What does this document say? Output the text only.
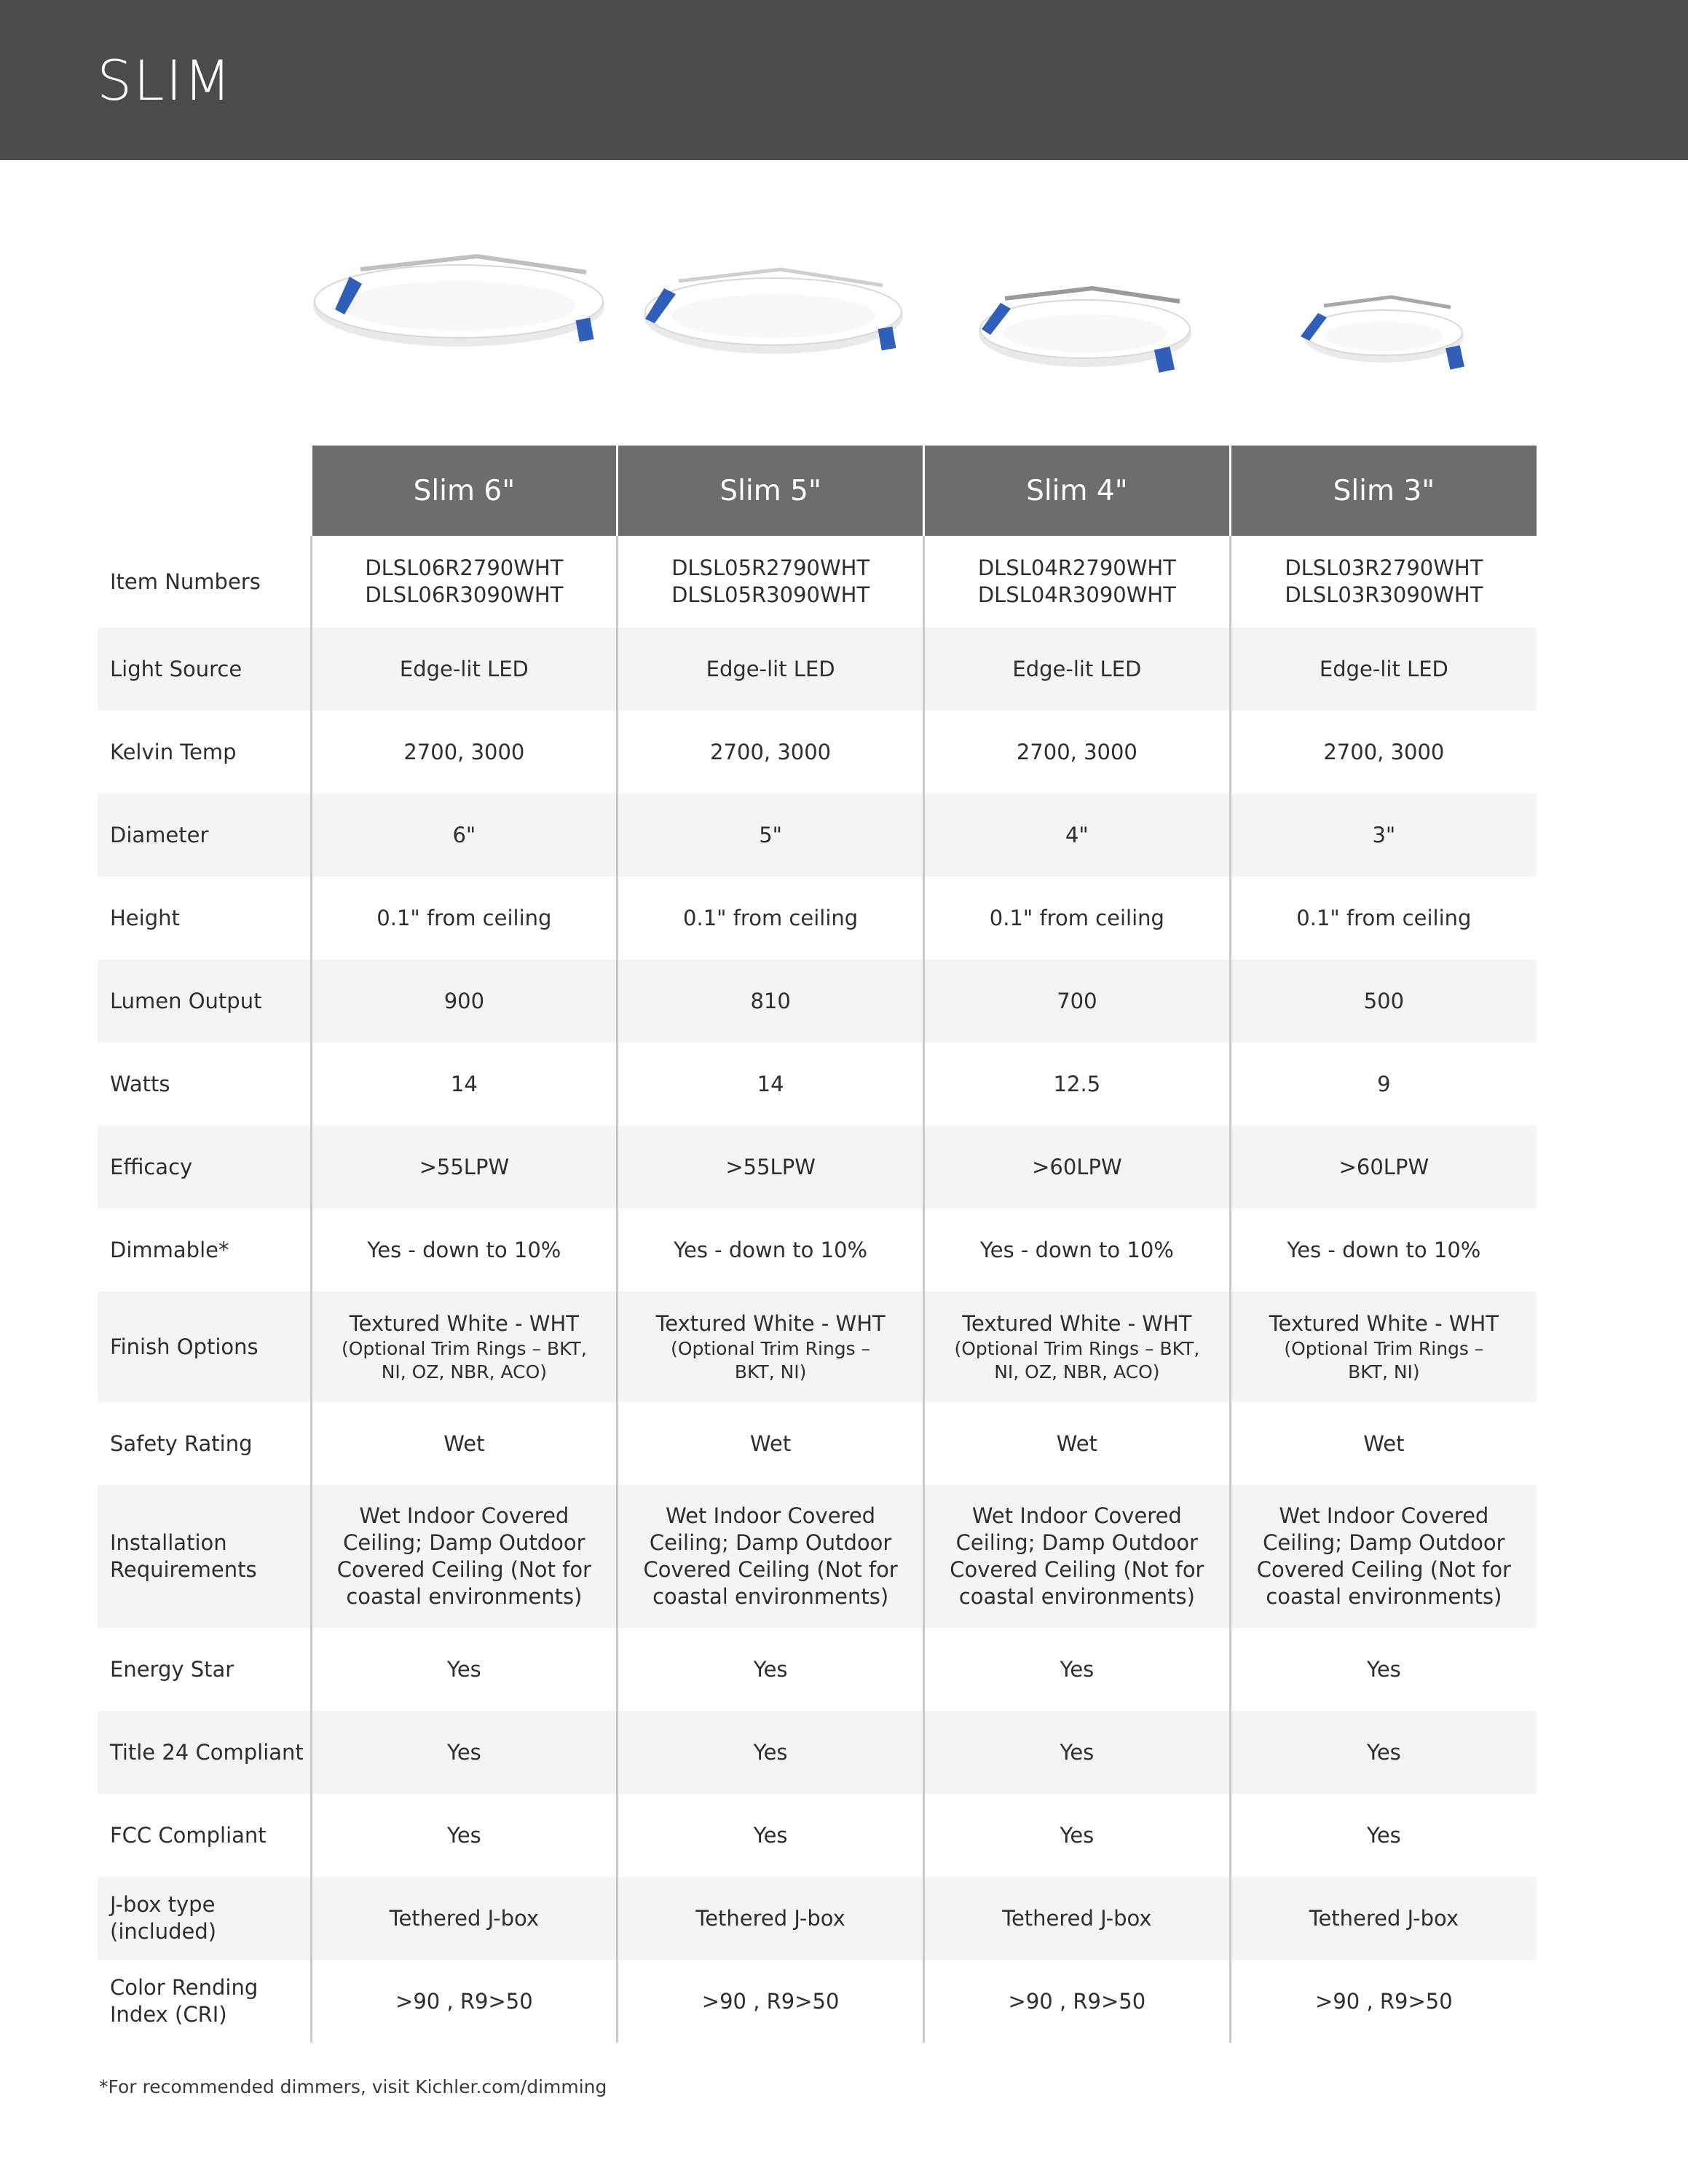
SLIM
	Slim 6"	Slim 5"	Slim 4"	Slim 3"

Item Numbers	DLSL06R2790WHT
DLSL06R3090WHT	DLSL05R2790WHT
DLSL05R3090WHT	DLSL04R2790WHT
DLSL04R3090WHT	DLSL03R2790WHT
DLSL03R3090WHT

Light Source	Edge-lit LED	Edge-lit LED	Edge-lit LED	Edge-lit LED

Kelvin Temp	2700, 3000	2700, 3000	2700, 3000	2700, 3000

Diameter	6"	5"	4"	3"

Height	0.1" from ceiling	0.1" from ceiling	0.1" from ceiling	0.1" from ceiling

Lumen Output	900	810	700	500

Watts	14	14	12.5	9

Efficacy	>55LPW	>55LPW	>60LPW	>60LPW

Dimmable*	Yes - down to 10%	Yes - down to 10%	Yes - down to 10%	Yes - down to 10%

Finish Options	Textured White - WHT
(Optional Trim Rings – BKT,
NI, OZ, NBR, ACO)	Textured White - WHT
(Optional Trim Rings –
BKT, NI)	Textured White - WHT
(Optional Trim Rings – BKT,
NI, OZ, NBR, ACO)	Textured White - WHT
(Optional Trim Rings –
BKT, NI)

Safety Rating	Wet	Wet	Wet	Wet

Installation
Requirements	Wet Indoor Covered
Ceiling; Damp Outdoor
Covered Ceiling (Not for
coastal environments)	Wet Indoor Covered
Ceiling; Damp Outdoor
Covered Ceiling (Not for
coastal environments)	Wet Indoor Covered
Ceiling; Damp Outdoor
Covered Ceiling (Not for
coastal environments)	Wet Indoor Covered
Ceiling; Damp Outdoor
Covered Ceiling (Not for
coastal environments)

Energy Star	Yes	Yes	Yes	Yes

Title 24 Compliant	Yes	Yes	Yes	Yes

FCC Compliant	Yes	Yes	Yes	Yes

J-box type
(included)	Tethered J-box	Tethered J-box	Tethered J-box	Tethered J-box

Color Rending
Index (CRI)	>90 , R9>50	>90 , R9>50	>90 , R9>50	>90 , R9>50
*For recommended dimmers, visit Kichler.com/dimming
